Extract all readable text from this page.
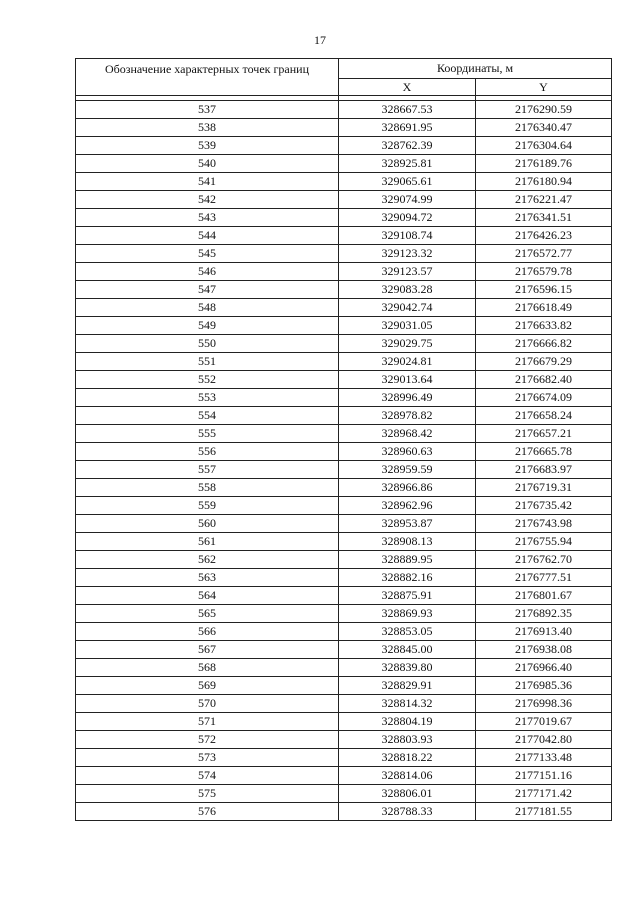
17
Обозначение характерных точек границ	Координаты, м	
	X	Y

537	328667.53	2176290.59
538	328691.95	2176340.47
539	328762.39	2176304.64
540	328925.81	2176189.76
541	329065.61	2176180.94
542	329074.99	2176221.47
543	329094.72	2176341.51
544	329108.74	2176426.23
545	329123.32	2176572.77
546	329123.57	2176579.78
547	329083.28	2176596.15
548	329042.74	2176618.49
549	329031.05	2176633.82
550	329029.75	2176666.82
551	329024.81	2176679.29
552	329013.64	2176682.40
553	328996.49	2176674.09
554	328978.82	2176658.24
555	328968.42	2176657.21
556	328960.63	2176665.78
557	328959.59	2176683.97
558	328966.86	2176719.31
559	328962.96	2176735.42
560	328953.87	2176743.98
561	328908.13	2176755.94
562	328889.95	2176762.70
563	328882.16	2176777.51
564	328875.91	2176801.67
565	328869.93	2176892.35
566	328853.05	2176913.40
567	328845.00	2176938.08
568	328839.80	2176966.40
569	328829.91	2176985.36
570	328814.32	2176998.36
571	328804.19	2177019.67
572	328803.93	2177042.80
573	328818.22	2177133.48
574	328814.06	2177151.16
575	328806.01	2177171.42
576	328788.33	2177181.55
